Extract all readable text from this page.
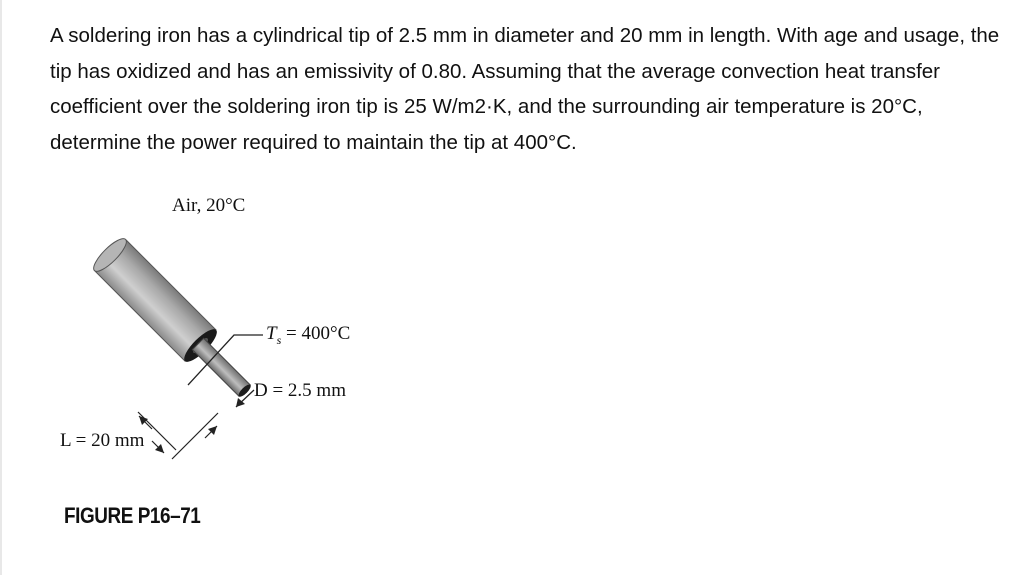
A soldering iron has a cylindrical tip of 2.5 mm in diameter and 20 mm in length. With age and usage, the tip has oxidized and has an emissivity of 0.80. Assuming that the average convection heat transfer coefficient over the soldering iron tip is 25 W/m2·K, and the surrounding air temperature is 20°C, determine the power required to maintain the tip at 400°C.

Air, 20°C
$T_s = 400^\circ C$
D = 2.5 mm
L = 20 mm
FIGURE P16–71
